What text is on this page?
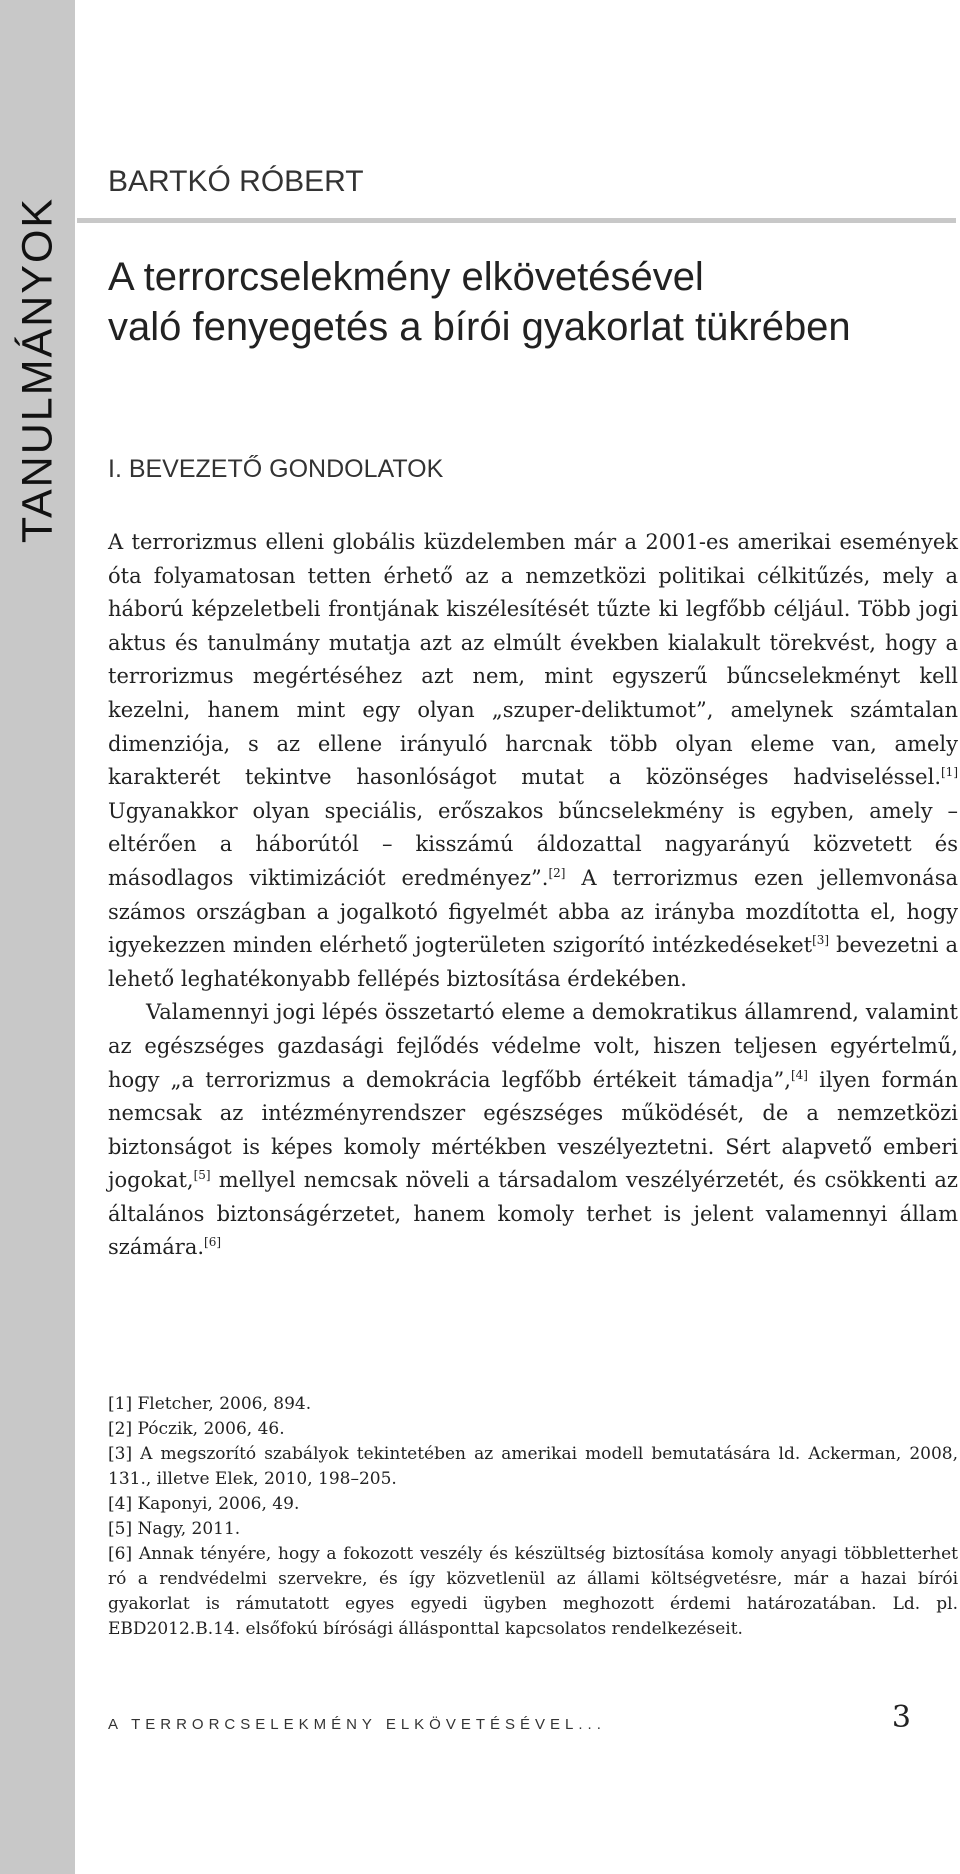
TANULMÁNYOK
BARTKÓ RÓBERT
A terrorcselekmény elkövetésével
való fenyegetés a bírói gyakorlat tükrében
I. BEVEZETŐ GONDOLATOK

A terrorizmus elleni globális küzdelemben már a 2001-es amerikai események óta folyamatosan tetten érhető az a nemzetközi politikai célkitűzés, mely a háború képzeletbeli frontjának kiszélesítését tűzte ki legfőbb céljául. Több jogi aktus és tanulmány mutatja azt az elmúlt években kialakult törekvést, hogy a terrorizmus megértéséhez azt nem, mint egyszerű bűncselekményt kell kezelni, hanem mint egy olyan „szuper-deliktumot”, amelynek számtalan dimenziója, s az ellene irányuló harcnak több olyan eleme van, amely karakterét tekintve hasonlóságot mutat a közönséges hadviseléssel.[1] Ugyanakkor olyan speciális, erőszakos bűncselekmény is egyben, amely – eltérően a háborútól – kisszámú áldozattal nagyarányú közvetett és másodlagos viktimizációt eredményez”.[2] A terrorizmus ezen jellemvonása számos országban a jogalkotó figyelmét abba az irányba mozdította el, hogy igyekezzen minden elérhető jogterületen szigorító intézkedéseket[3] bevezetni a lehető leghatékonyabb fellépés biztosítása érdekében.

Valamennyi jogi lépés összetartó eleme a demokratikus államrend, valamint az egészséges gazdasági fejlődés védelme volt, hiszen teljesen egyértelmű, hogy „a terrorizmus a demokrácia legfőbb értékeit támadja”,[4] ilyen formán nemcsak az intézményrendszer egészséges működését, de a nemzetközi biztonságot is képes komoly mértékben veszélyeztetni. Sért alapvető emberi jogokat,[5] mellyel nemcsak növeli a társadalom veszélyérzetét, és csökkenti az általános biztonságérzetet, hanem komoly terhet is jelent valamennyi állam számára.[6]

[1] Fletcher, 2006, 894.
[2] Póczik, 2006, 46.
[3] A megszorító szabályok tekintetében az amerikai modell bemutatására ld. Ackerman, 2008, 131., illetve Elek, 2010, 198–205.
[4] Kaponyi, 2006, 49.
[5] Nagy, 2011.
[6] Annak tényére, hogy a fokozott veszély és készültség biztosítása komoly anyagi többletterhet ró a rendvédelmi szervekre, és így közvetlenül az állami költségvetésre, már a hazai bírói gyakorlat is rámutatott egyes egyedi ügyben meghozott érdemi határozatában. Ld. pl. EBD2012.B.14. elsőfokú bírósági állásponttal kapcsolatos rendelkezéseit.
A TERRORCSELEKMÉNY ELKÖVETÉSÉVEL...	3
